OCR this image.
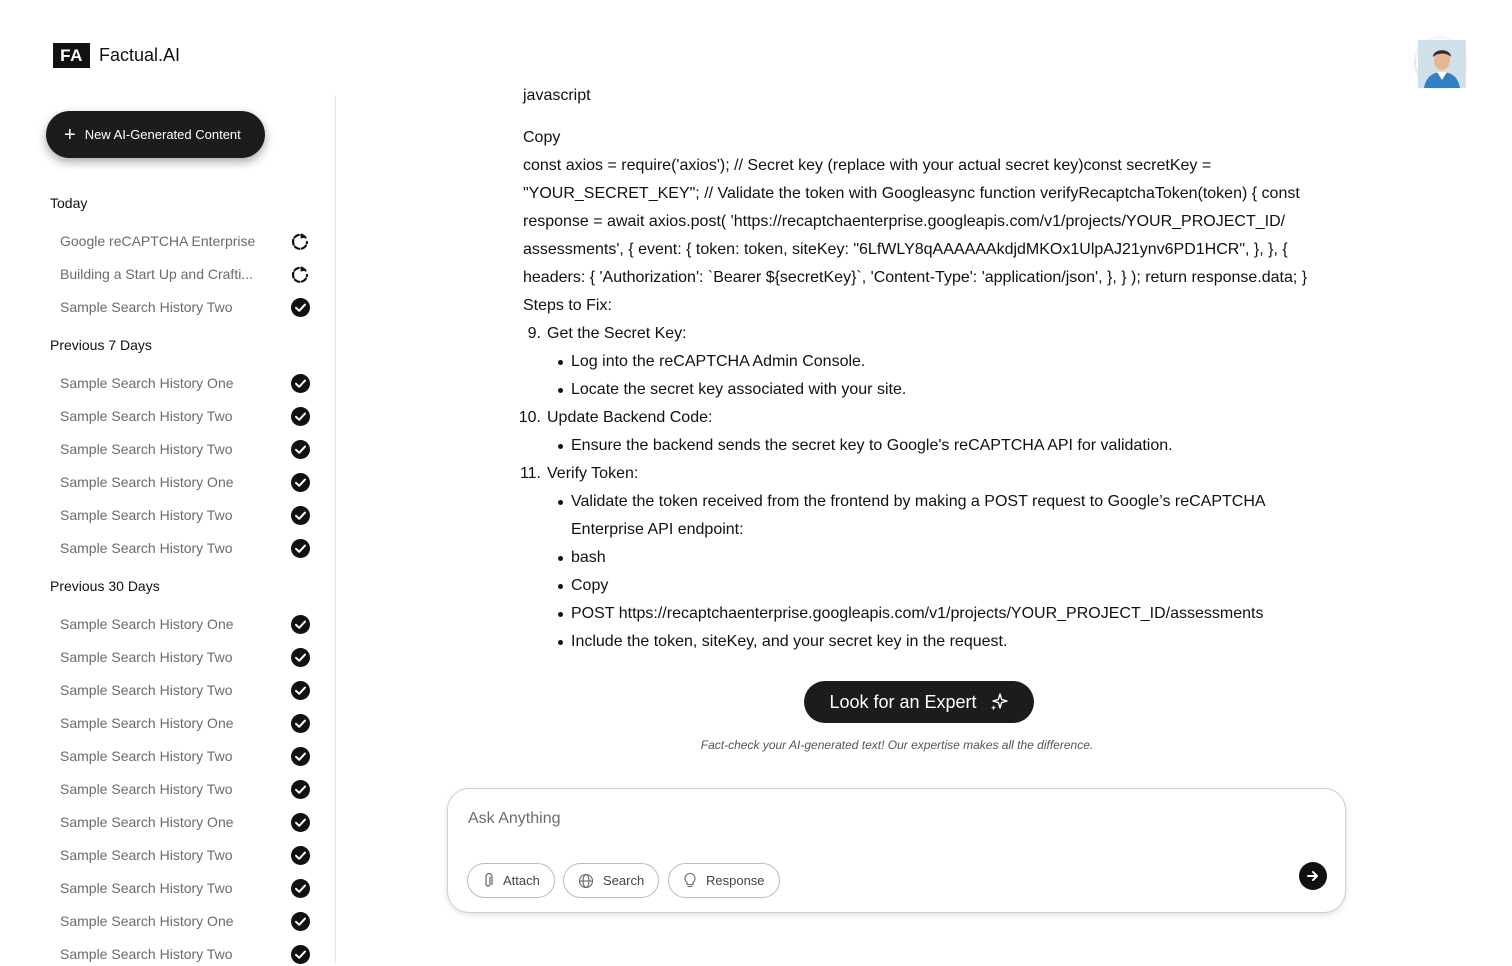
FA Factual.AI
+ New AI-Generated Content
Today
Google reCAPTCHA Enterprise
Building a Start Up and Crafti...
Sample Search History Two
Previous 7 Days
Sample Search History One
Sample Search History Two
Sample Search History Two
Sample Search History One
Sample Search History Two
Sample Search History Two
Previous 30 Days
Sample Search History One
Sample Search History Two
Sample Search History Two
Sample Search History One
Sample Search History Two
Sample Search History Two
Sample Search History One
Sample Search History Two
Sample Search History Two
Sample Search History One
Sample Search History Two
javascript
Copy
const axios = require('axios'); // Secret key (replace with your actual secret key)const secretKey =
"YOUR_SECRET_KEY"; // Validate the token with Googleasync function verifyRecaptchaToken(token) { const
response = await axios.post( 'https://recaptchaenterprise.googleapis.com/v1/projects/YOUR_PROJECT_ID/
assessments', { event: { token: token, siteKey: "6LfWLY8qAAAAAAkdjdMKOx1UlpAJ21ynv6PD1HCR", }, }, {
headers: { 'Authorization': `Bearer ${secretKey}`, 'Content-Type': 'application/json', }, } ); return response.data; }
Steps to Fix:
9. Get the Secret Key:
Log into the reCAPTCHA Admin Console.
Locate the secret key associated with your site.
10. Update Backend Code:
Ensure the backend sends the secret key to Google's reCAPTCHA API for validation.
11. Verify Token:
Validate the token received from the frontend by making a POST request to Google’s reCAPTCHA Enterprise API endpoint:
bash
Copy
POST https://recaptchaenterprise.googleapis.com/v1/projects/YOUR_PROJECT_ID/assessments
Include the token, siteKey, and your secret key in the request.
Look for an Expert
Fact-check your AI-generated text! Our expertise makes all the difference.
Ask Anything
Attach	Search	Response
